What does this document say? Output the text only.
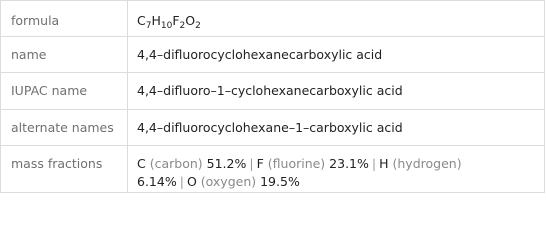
formula	$C_7H_{10}F_2O_2$
name	4,4–difluorocyclohexanecarboxylic acid
IUPAC name	4,4–difluoro–1–cyclohexanecarboxylic acid
alternate names	4,4–difluorocyclohexane–1–carboxylic acid
mass fractions	C (carbon) 51.2% | F (fluorine) 23.1% | H (hydrogen)
6.14% | O (oxygen) 19.5%
